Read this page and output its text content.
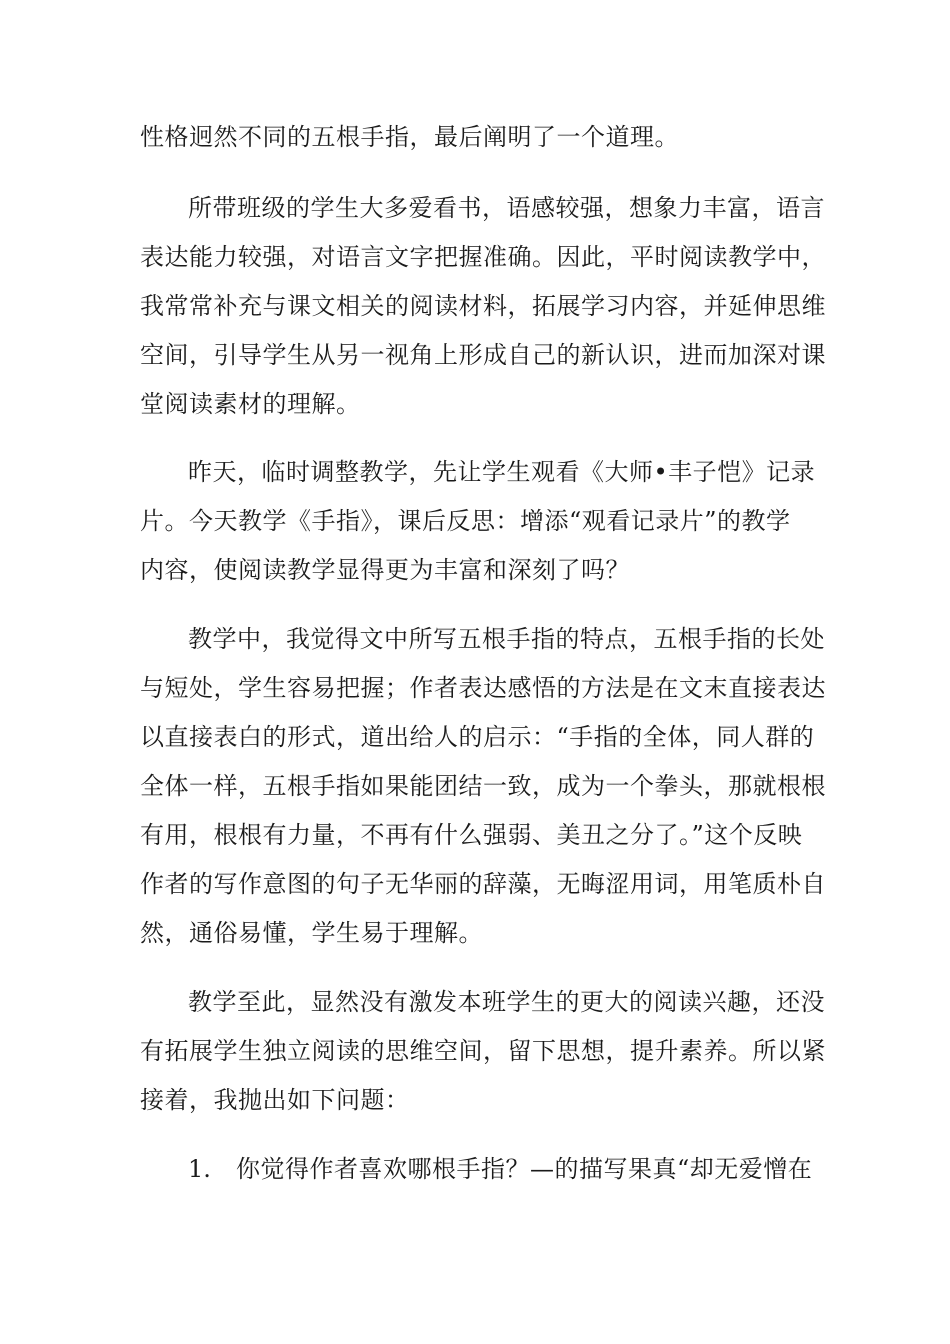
性格迥然不同的五根手指，最后阐明了一个道理。
所带班级的学生大多爱看书，语感较强，想象力丰富，语言
表达能力较强，对语言文字把握准确。因此，平时阅读教学中，
我常常补充与课文相关的阅读材料，拓展学习内容，并延伸思维
空间，引导学生从另一视角上形成自己的新认识，进而加深对课
堂阅读素材的理解。
昨天，临时调整教学，先让学生观看《大师•丰子恺》记录
片。今天教学《手指》，课后反思：增添“观看记录片”的教学
内容，使阅读教学显得更为丰富和深刻了吗？
教学中，我觉得文中所写五根手指的特点，五根手指的长处
与短处，学生容易把握；作者表达感悟的方法是在文末直接表达
以直接表白的形式，道出给人的启示：“手指的全体，同人群的
全体一样，五根手指如果能团结一致，成为一个拳头，那就根根
有用，根根有力量，不再有什么强弱、美丑之分了。”这个反映
作者的写作意图的句子无华丽的辞藻，无晦涩用词，用笔质朴自
然，通俗易懂，学生易于理解。
教学至此，显然没有激发本班学生的更大的阅读兴趣，还没
有拓展学生独立阅读的思维空间，留下思想，提升素养。所以紧
接着，我抛出如下问题：
1. 你觉得作者喜欢哪根手指？—的描写果真“却无爱憎在
